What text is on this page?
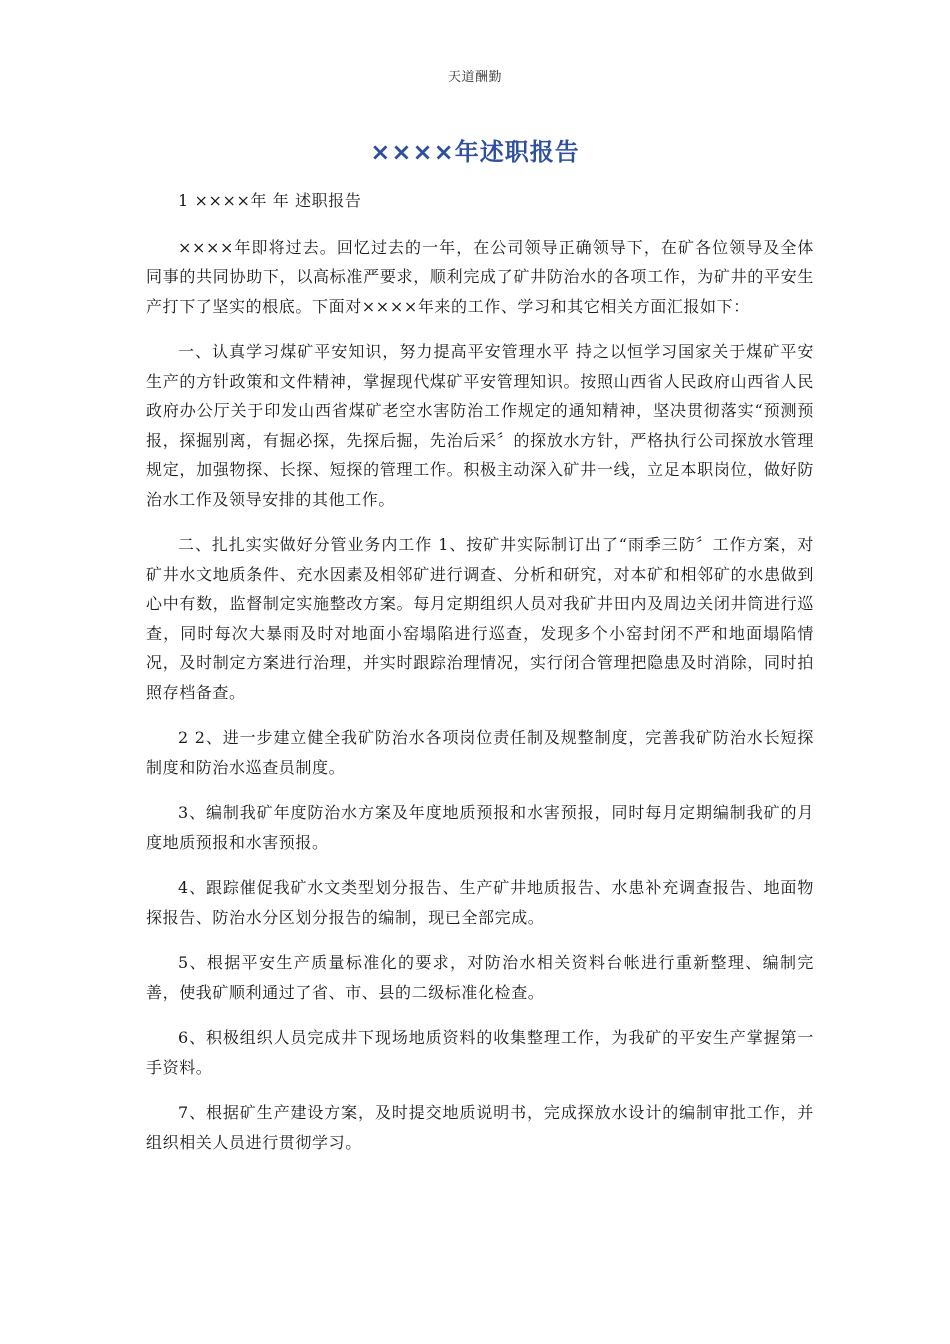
天道酬勤
××××年述职报告

1 ××××年 年 述职报告

××××年即将过去。回忆过去的一年，在公司领导正确领导下，在矿各位领导及全体同事的共同协助下，以高标准严要求，顺利完成了矿井防治水的各项工作，为矿井的平安生产打下了坚实的根底。下面对××××年来的工作、学习和其它相关方面汇报如下：

一、认真学习煤矿平安知识，努力提高平安管理水平 持之以恒学习国家关于煤矿平安生产的方针政策和文件精神，掌握现代煤矿平安管理知识。按照山西省人民政府山西省人民政府办公厅关于印发山西省煤矿老空水害防治工作规定的通知精神，坚决贯彻落实“预测预报，探掘别离，有掘必探，先探后掘，先治后采〞的探放水方针，严格执行公司探放水管理规定，加强物探、长探、短探的管理工作。积极主动深入矿井一线，立足本职岗位，做好防治水工作及领导安排的其他工作。

二、扎扎实实做好分管业务内工作 1、按矿井实际制订出了“雨季三防〞工作方案，对矿井水文地质条件、充水因素及相邻矿进行调查、分析和研究，对本矿和相邻矿的水患做到心中有数，监督制定实施整改方案。每月定期组织人员对我矿井田内及周边关闭井筒进行巡查，同时每次大暴雨及时对地面小窑塌陷进行巡查，发现多个小窑封闭不严和地面塌陷情况，及时制定方案进行治理，并实时跟踪治理情况，实行闭合管理把隐患及时消除，同时拍照存档备查。

2 2、进一步建立健全我矿防治水各项岗位责任制及规整制度，完善我矿防治水长短探制度和防治水巡查员制度。

3、编制我矿年度防治水方案及年度地质预报和水害预报，同时每月定期编制我矿的月度地质预报和水害预报。

4、跟踪催促我矿水文类型划分报告、生产矿井地质报告、水患补充调查报告、地面物探报告、防治水分区划分报告的编制，现已全部完成。

5、根据平安生产质量标准化的要求，对防治水相关资料台帐进行重新整理、编制完善，使我矿顺利通过了省、市、县的二级标准化检查。

6、积极组织人员完成井下现场地质资料的收集整理工作，为我矿的平安生产掌握第一手资料。

7、根据矿生产建设方案，及时提交地质说明书，完成探放水设计的编制审批工作，并组织相关人员进行贯彻学习。
